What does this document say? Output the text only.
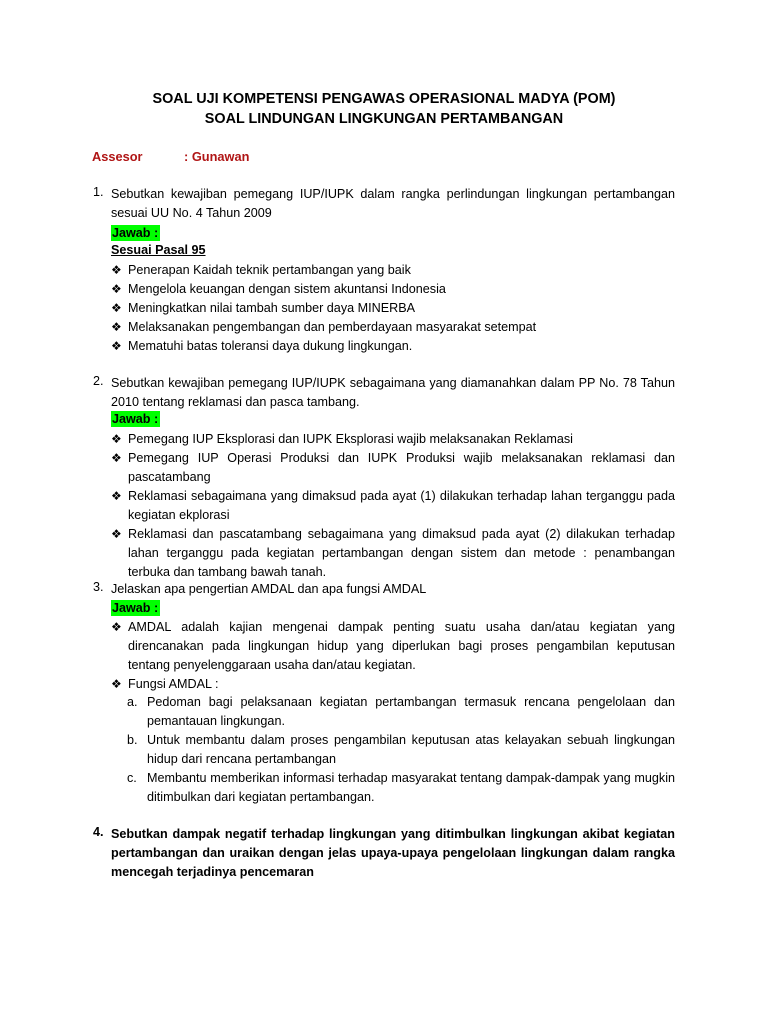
SOAL UJI KOMPETENSI PENGAWAS OPERASIONAL MADYA (POM)
SOAL LINDUNGAN LINGKUNGAN PERTAMBANGAN
Assesor	: Gunawan
1. Sebutkan kewajiban pemegang IUP/IUPK dalam rangka perlindungan lingkungan pertambangan sesuai UU No. 4 Tahun 2009
Jawab :
Sesuai Pasal 95
❖ Penerapan Kaidah teknik pertambangan yang baik
❖ Mengelola keuangan dengan sistem akuntansi Indonesia
❖ Meningkatkan nilai tambah sumber daya MINERBA
❖ Melaksanakan pengembangan dan pemberdayaan masyarakat setempat
❖ Mematuhi batas toleransi daya dukung lingkungan.
2. Sebutkan kewajiban pemegang IUP/IUPK sebagaimana yang diamanahkan dalam PP No. 78 Tahun 2010 tentang reklamasi dan pasca tambang.
Jawab :
❖ Pemegang IUP Eksplorasi dan IUPK Eksplorasi wajib melaksanakan Reklamasi
❖ Pemegang IUP Operasi Produksi dan IUPK Produksi wajib melaksanakan reklamasi dan pascatambang
❖ Reklamasi sebagaimana yang dimaksud pada ayat (1) dilakukan terhadap lahan terganggu pada kegiatan ekplorasi
❖ Reklamasi dan pascatambang sebagaimana yang dimaksud pada ayat (2) dilakukan terhadap lahan terganggu pada kegiatan pertambangan dengan sistem dan metode : penambangan terbuka dan tambang bawah tanah.
3. Jelaskan apa pengertian AMDAL dan apa fungsi AMDAL
Jawab :
❖ AMDAL adalah kajian mengenai dampak penting suatu usaha dan/atau kegiatan yang direncanakan pada lingkungan hidup yang diperlukan bagi proses pengambilan keputusan tentang penyelenggaraan usaha dan/atau kegiatan.
❖ Fungsi AMDAL :
a. Pedoman bagi pelaksanaan kegiatan pertambangan termasuk rencana pengelolaan dan pemantauan lingkungan.
b. Untuk membantu dalam proses pengambilan keputusan atas kelayakan sebuah lingkungan hidup dari rencana pertambangan
c. Membantu memberikan informasi terhadap masyarakat tentang dampak-dampak yang mugkin ditimbulkan dari kegiatan pertambangan.
4. Sebutkan dampak negatif terhadap lingkungan yang ditimbulkan lingkungan akibat kegiatan pertambangan dan uraikan dengan jelas upaya-upaya pengelolaan lingkungan dalam rangka mencegah terjadinya pencemaran
